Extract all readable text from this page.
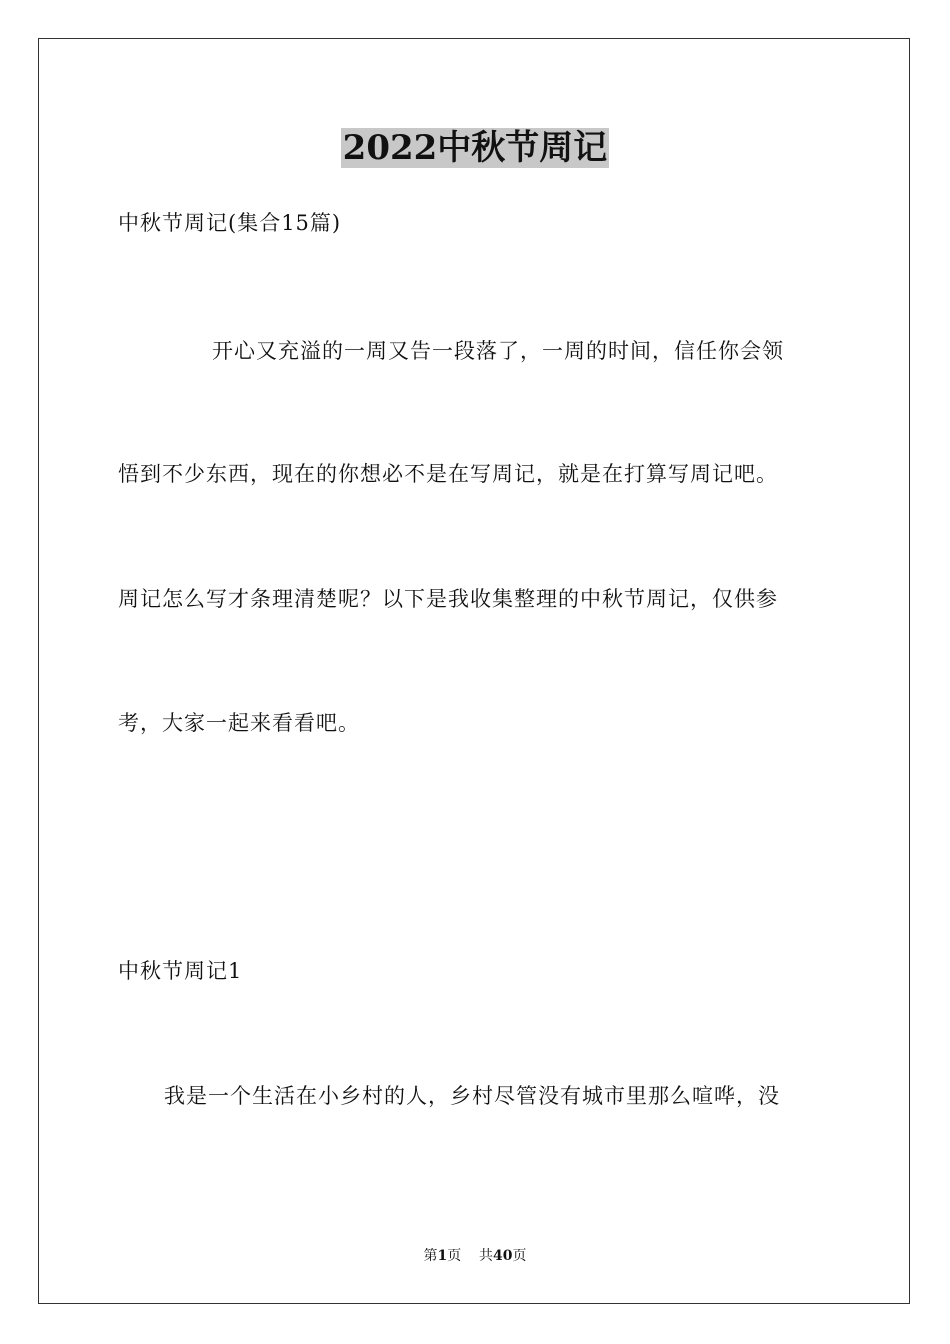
2022中秋节周记
中秋节周记(集合15篇)
开心又充溢的一周又告一段落了，一周的时间，信任你会领
悟到不少东西，现在的你想必不是在写周记，就是在打算写周记吧。
周记怎么写才条理清楚呢？以下是我收集整理的中秋节周记，仅供参
考，大家一起来看看吧。
中秋节周记1
我是一个生活在小乡村的人，乡村尽管没有城市里那么喧哗，没
第1页 共40页
